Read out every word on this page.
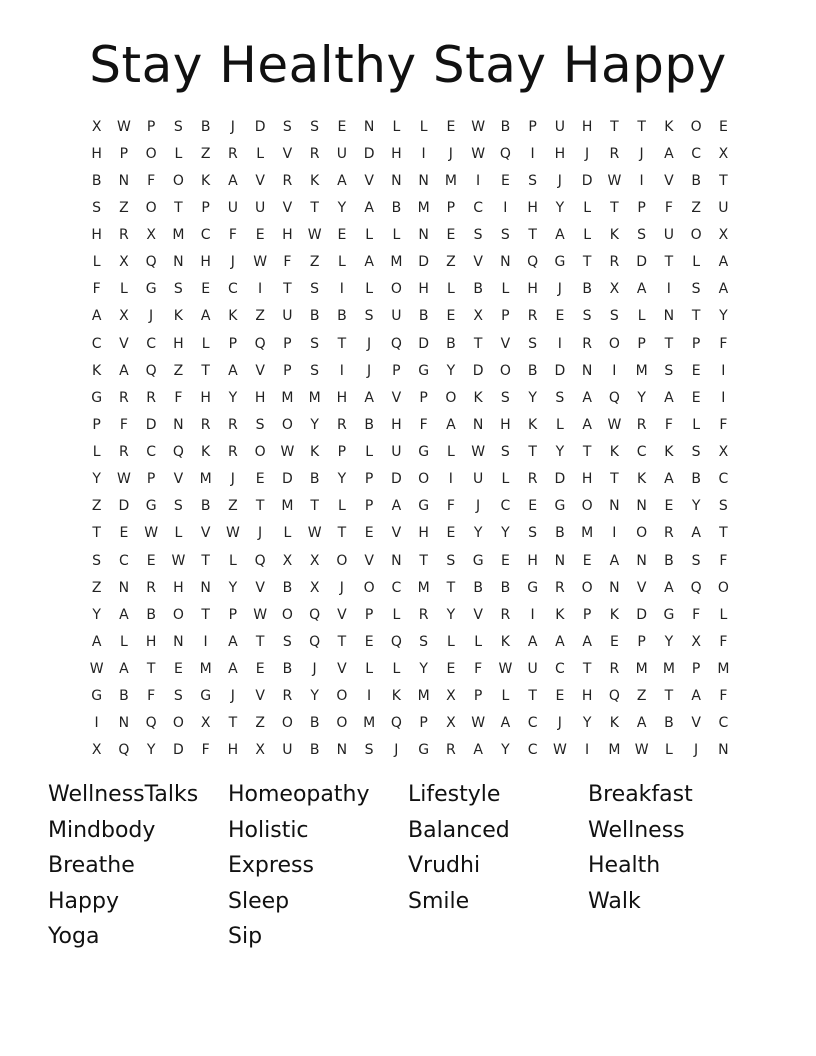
Stay Healthy Stay Happy
X	W	P	S	B	J	D	S	S	E	N	L	L	E	W	B	P	U	H	T	T	K	O	E
H	P	O	L	Z	R	L	V	R	U	D	H	I	J	W	Q	I	H	J	R	J	A	C	X
B	N	F	O	K	A	V	R	K	A	V	N	N	M	I	E	S	J	D	W	I	V	B	T
S	Z	O	T	P	U	U	V	T	Y	A	B	M	P	C	I	H	Y	L	T	P	F	Z	U
H	R	X	M	C	F	E	H	W	E	L	L	N	E	S	S	T	A	L	K	S	U	O	X
L	X	Q	N	H	J	W	F	Z	L	A	M	D	Z	V	N	Q	G	T	R	D	T	L	A
F	L	G	S	E	C	I	T	S	I	L	O	H	L	B	L	H	J	B	X	A	I	S	A
A	X	J	K	A	K	Z	U	B	B	S	U	B	E	X	P	R	E	S	S	L	N	T	Y
C	V	C	H	L	P	Q	P	S	T	J	Q	D	B	T	V	S	I	R	O	P	T	P	F
K	A	Q	Z	T	A	V	P	S	I	J	P	G	Y	D	O	B	D	N	I	M	S	E	I
G	R	R	F	H	Y	H	M	M	H	A	V	P	O	K	S	Y	S	A	Q	Y	A	E	I
P	F	D	N	R	R	S	O	Y	R	B	H	F	A	N	H	K	L	A	W	R	F	L	F
L	R	C	Q	K	R	O	W	K	P	L	U	G	L	W	S	T	Y	T	K	C	K	S	X
Y	W	P	V	M	J	E	D	B	Y	P	D	O	I	U	L	R	D	H	T	K	A	B	C
Z	D	G	S	B	Z	T	M	T	L	P	A	G	F	J	C	E	G	O	N	N	E	Y	S
T	E	W	L	V	W	J	L	W	T	E	V	H	E	Y	Y	S	B	M	I	O	R	A	T
S	C	E	W	T	L	Q	X	X	O	V	N	T	S	G	E	H	N	E	A	N	B	S	F
Z	N	R	H	N	Y	V	B	X	J	O	C	M	T	B	B	G	R	O	N	V	A	Q	O
Y	A	B	O	T	P	W	O	Q	V	P	L	R	Y	V	R	I	K	P	K	D	G	F	L
A	L	H	N	I	A	T	S	Q	T	E	Q	S	L	L	K	A	A	A	E	P	Y	X	F
W	A	T	E	M	A	E	B	J	V	L	L	Y	E	F	W	U	C	T	R	M	M	P	M
G	B	F	S	G	J	V	R	Y	O	I	K	M	X	P	L	T	E	H	Q	Z	T	A	F
I	N	Q	O	X	T	Z	O	B	O	M	Q	P	X	W	A	C	J	Y	K	A	B	V	C
X	Q	Y	D	F	H	X	U	B	N	S	J	G	R	A	Y	C	W	I	M	W	L	J	N
WellnessTalks	Homeopathy	Lifestyle	Breakfast
Mindbody	Holistic	Balanced	Wellness
Breathe	Express	Vrudhi	Health
Happy	Sleep	Smile	Walk
Yoga	Sip
